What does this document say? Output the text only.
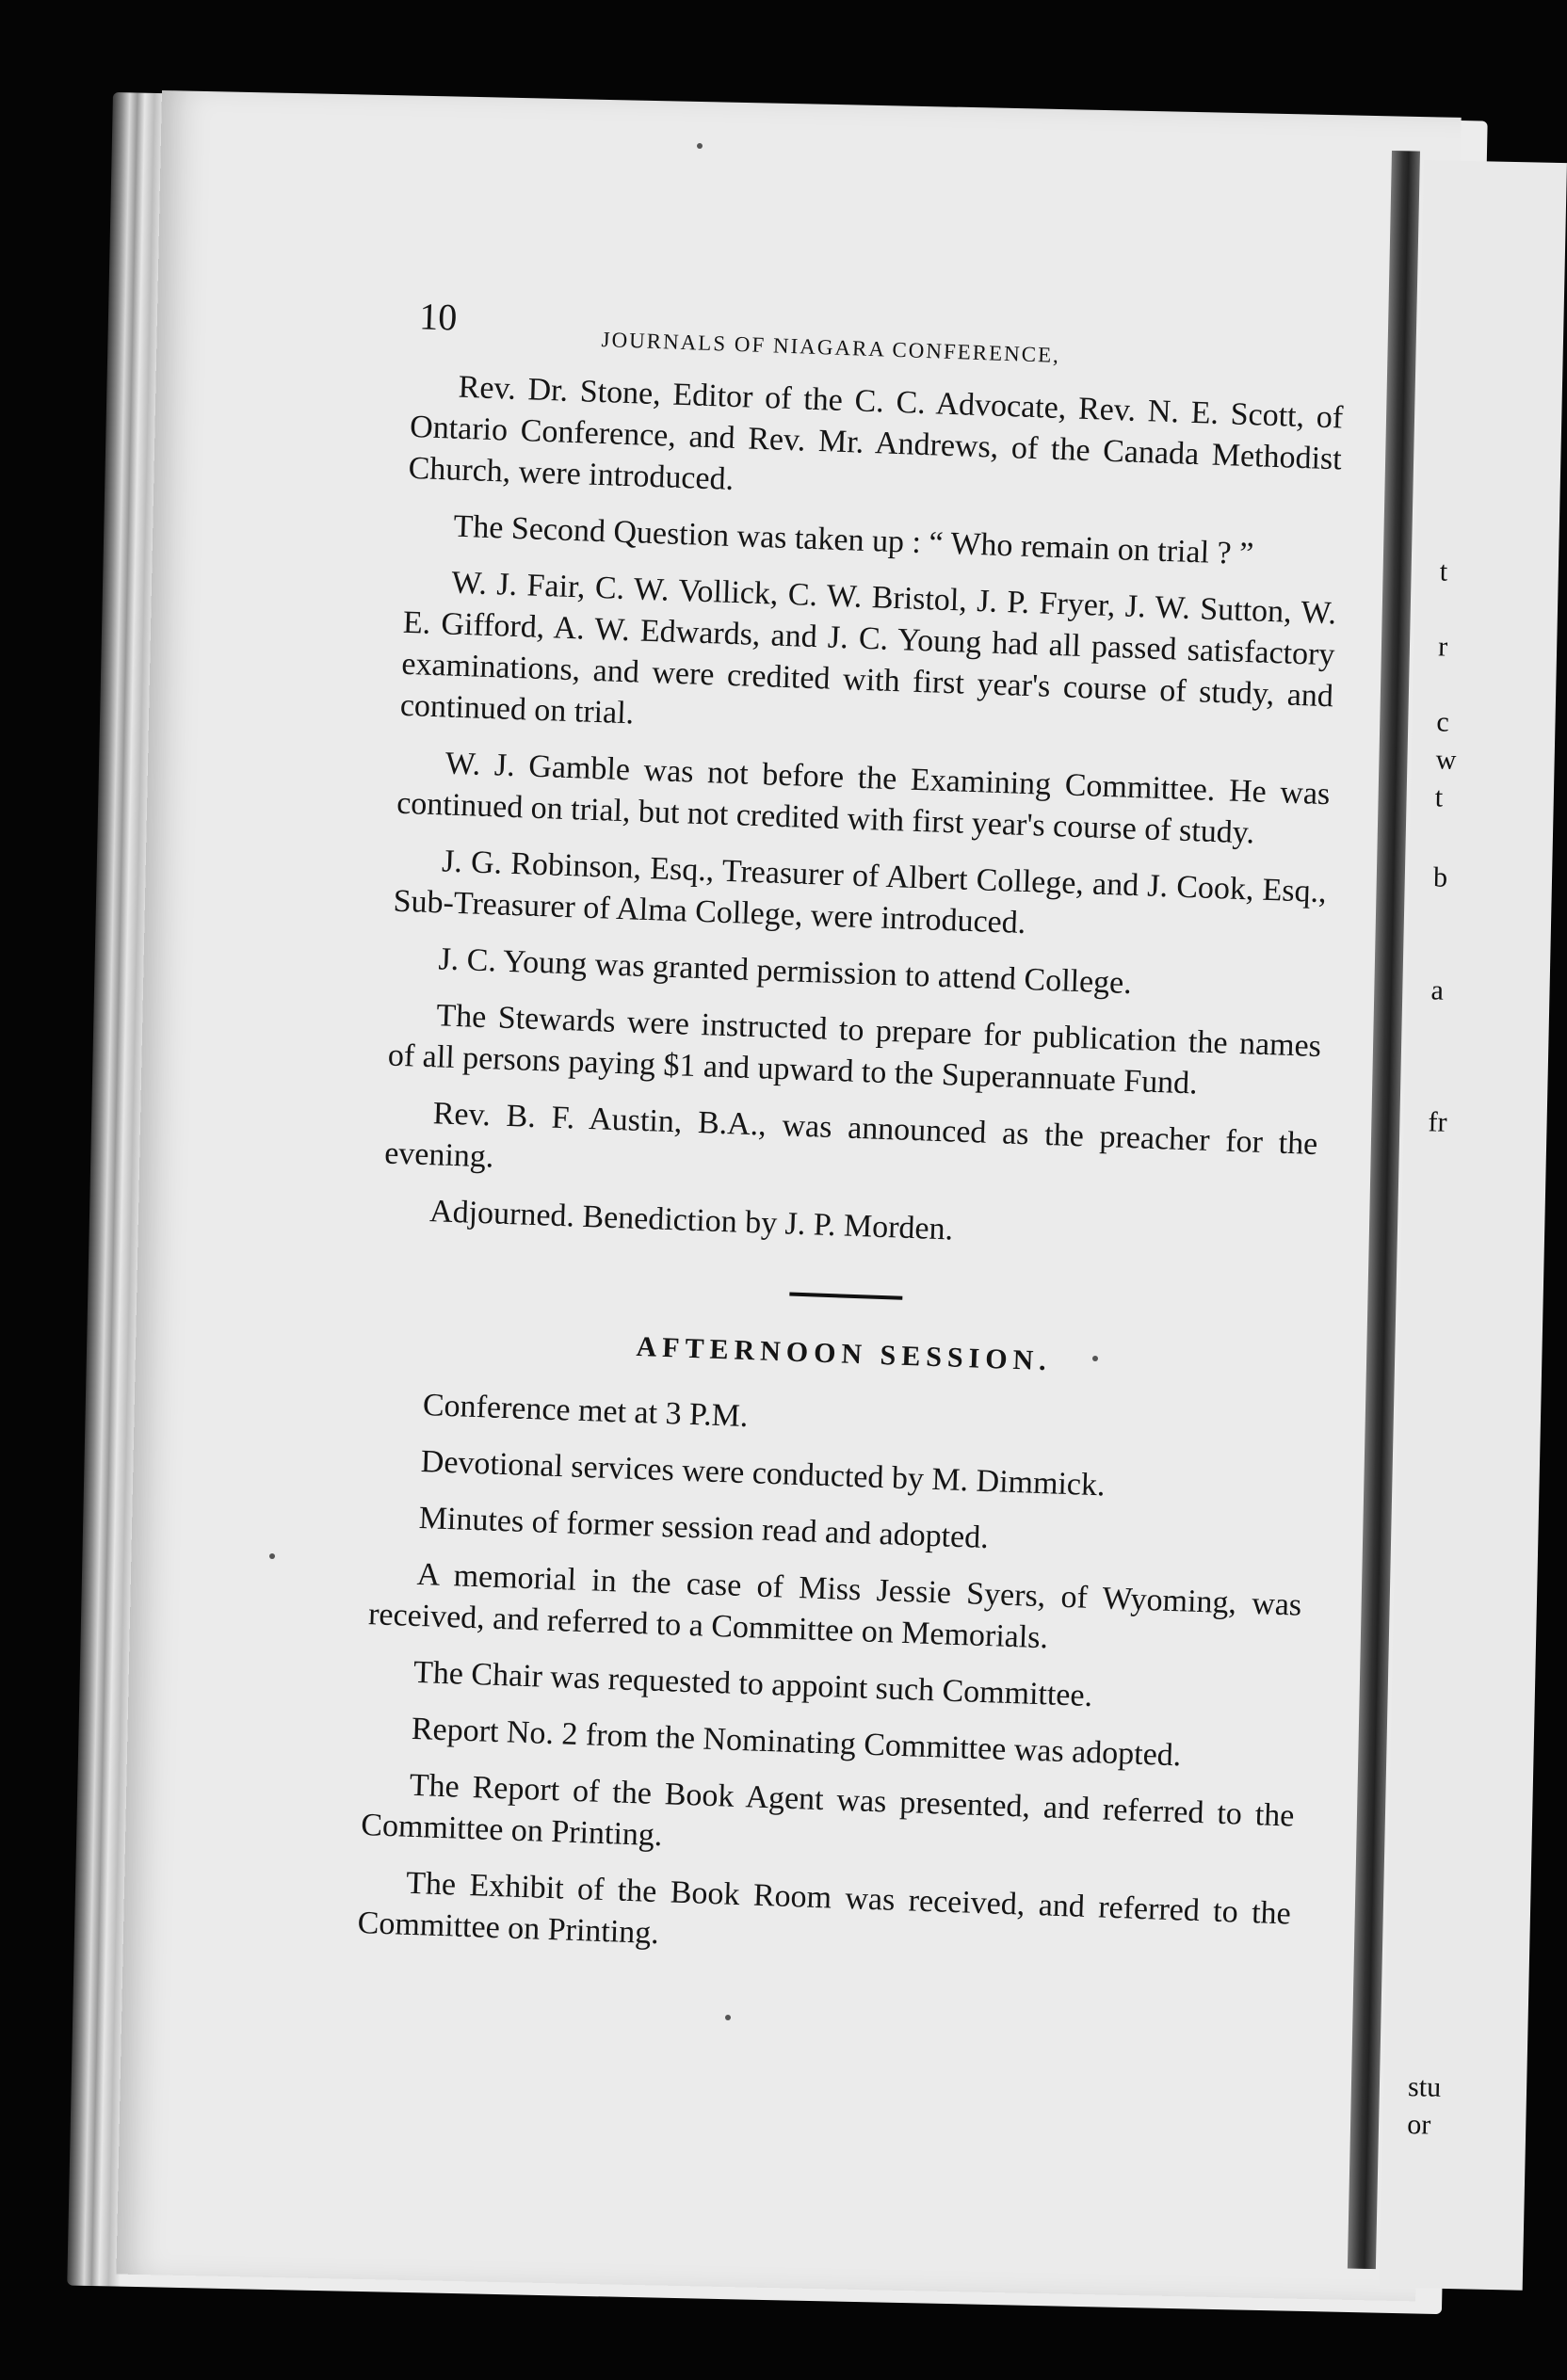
t
r
c
w
t
b
a
fr
stu
or
10
JOURNALS OF NIAGARA CONFERENCE,

Rev. Dr. Stone, Editor of the C. C. Advocate, Rev. N. E. Scott, of Ontario Conference, and Rev. Mr. Andrews, of the Canada Methodist Church, were introduced.

The Second Question was taken up : “ Who remain on trial ? ”

W. J. Fair, C. W. Vollick, C. W. Bristol, J. P. Fryer, J. W. Sutton, W. E. Gifford, A. W. Edwards, and J. C. Young had all passed satisfactory examinations, and were credited with first year's course of study, and continued on trial.

W. J. Gamble was not before the Examining Committee. He was continued on trial, but not credited with first year's course of study.

J. G. Robinson, Esq., Treasurer of Albert College, and J. Cook, Esq., Sub-Treasurer of Alma College, were introduced.

J. C. Young was granted permission to attend College.

The Stewards were instructed to prepare for publication the names of all persons paying $1 and upward to the Superannuate Fund.

Rev. B. F. Austin, B.A., was announced as the preacher for the evening.

Adjourned. Benediction by J. P. Morden.

AFTERNOON SESSION.

Conference met at 3 P.M.

Devotional services were conducted by M. Dimmick.

Minutes of former session read and adopted.

A memorial in the case of Miss Jessie Syers, of Wyoming, was received, and referred to a Committee on Memorials.

The Chair was requested to appoint such Committee.

Report No. 2 from the Nominating Committee was adopted.

The Report of the Book Agent was presented, and referred to the Committee on Printing.

The Exhibit of the Book Room was received, and referred to the Committee on Printing.
